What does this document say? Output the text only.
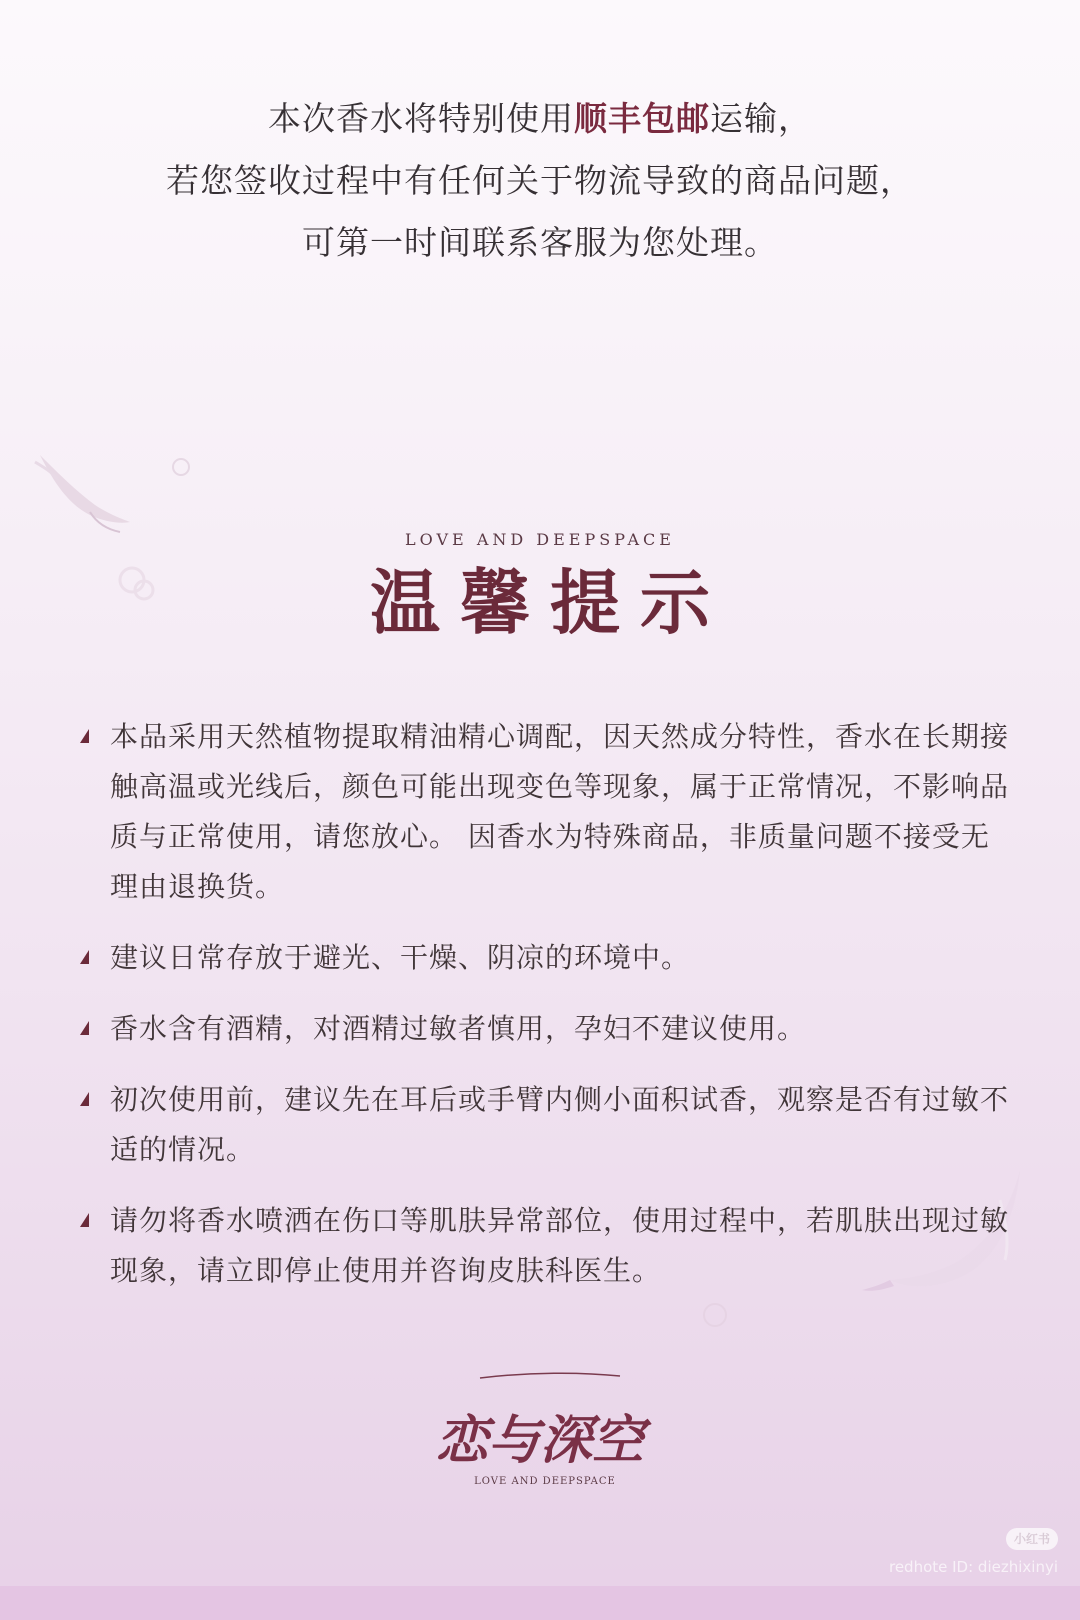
本次香水将特别使用顺丰包邮运输，
若您签收过程中有任何关于物流导致的商品问题，
可第一时间联系客服为您处理。
LOVE AND DEEPSPACE
温馨提示
本品采用天然植物提取精油精心调配，因天然成分特性，香水在长期接触高温或光线后，颜色可能出现变色等现象，属于正常情况，不影响品质与正常使用，请您放心。 因香水为特殊商品，非质量问题不接受无理由退换货。
建议日常存放于避光、干燥、阴凉的环境中。
香水含有酒精，对酒精过敏者慎用，孕妇不建议使用。
初次使用前，建议先在耳后或手臂内侧小面积试香，观察是否有过敏不适的情况。
请勿将香水喷洒在伤口等肌肤异常部位，使用过程中，若肌肤出现过敏现象，请立即停止使用并咨询皮肤科医生。
恋与深空
LOVE AND DEEPSPACE
小红书
redhote ID: diezhixinyi
